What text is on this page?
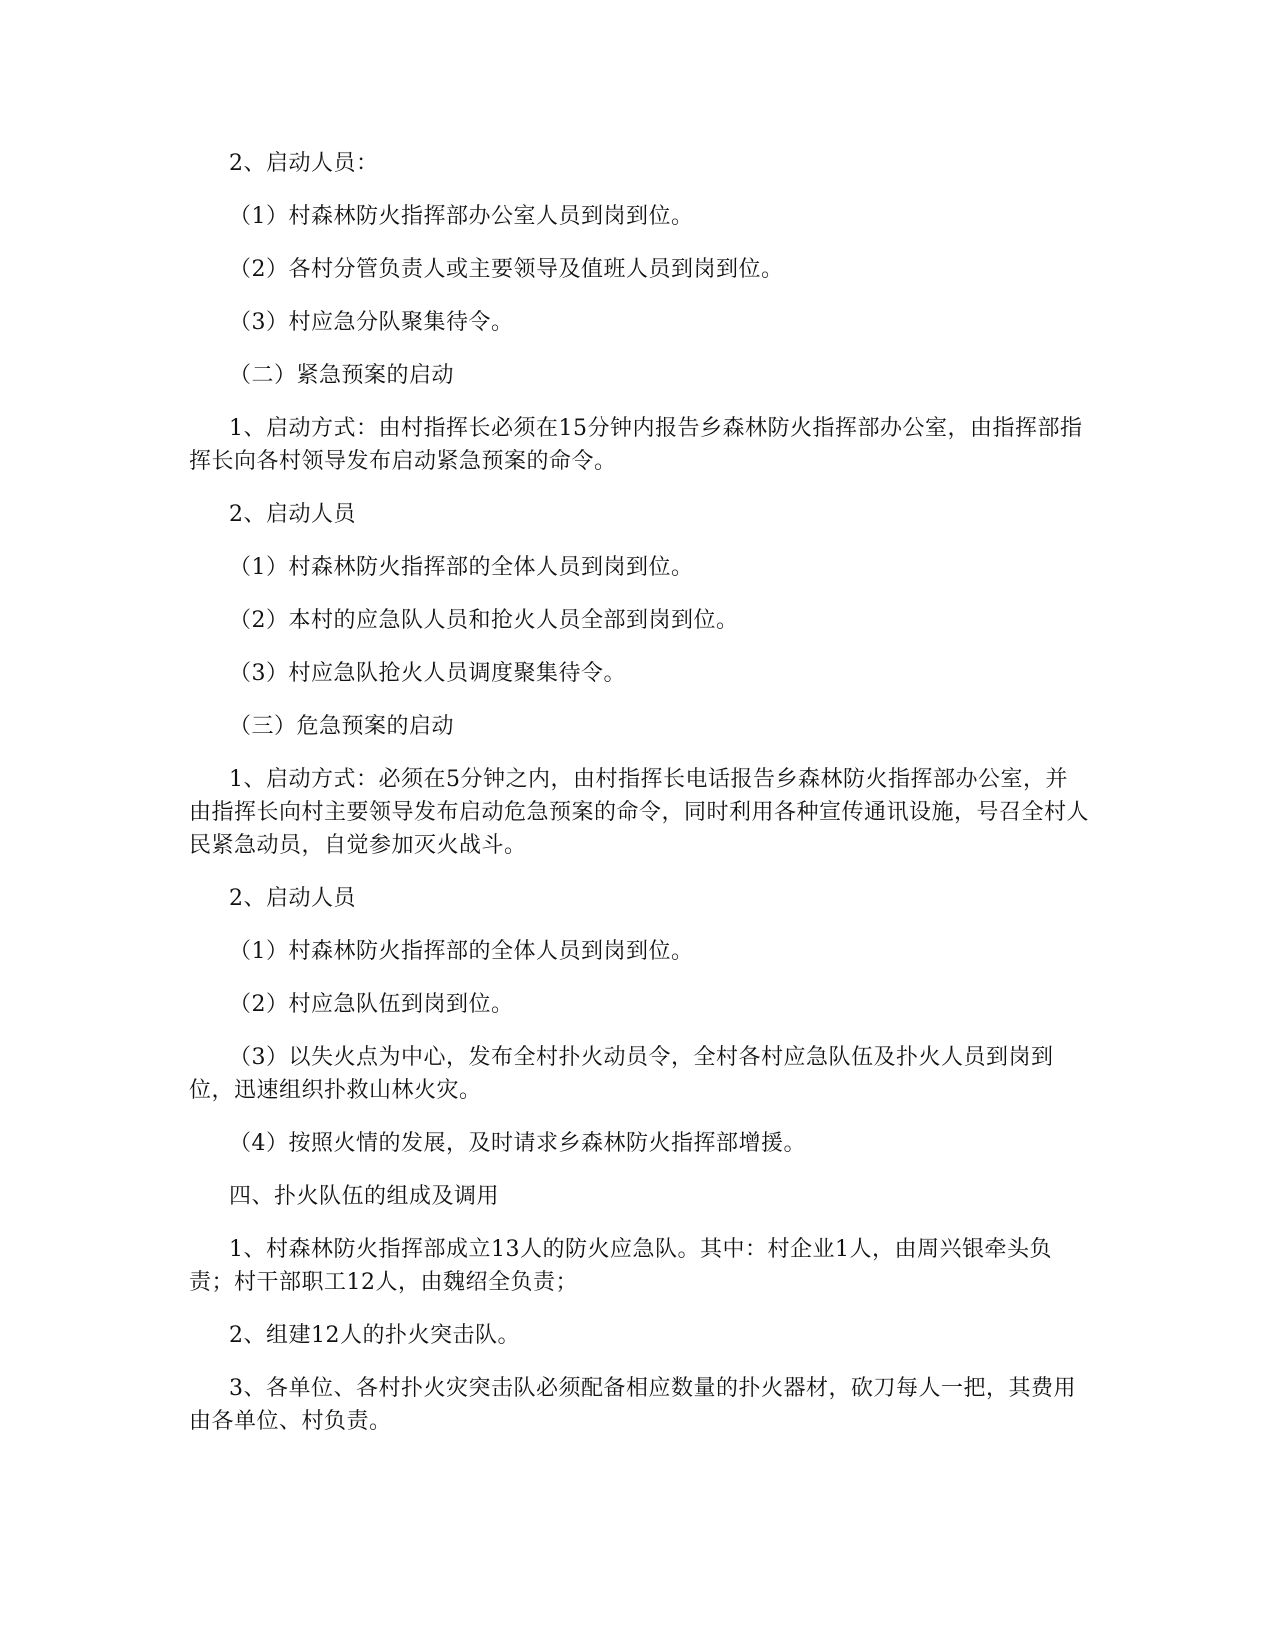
2、启动人员：

（1）村森林防火指挥部办公室人员到岗到位。

（2）各村分管负责人或主要领导及值班人员到岗到位。

（3）村应急分队聚集待令。

（二）紧急预案的启动

1、启动方式：由村指挥长必须在15分钟内报告乡森林防火指挥部办公室，由指挥部指挥长向各村领导发布启动紧急预案的命令。

2、启动人员

（1）村森林防火指挥部的全体人员到岗到位。

（2）本村的应急队人员和抢火人员全部到岗到位。

（3）村应急队抢火人员调度聚集待令。

（三）危急预案的启动

1、启动方式：必须在5分钟之内，由村指挥长电话报告乡森林防火指挥部办公室，并由指挥长向村主要领导发布启动危急预案的命令，同时利用各种宣传通讯设施，号召全村人民紧急动员，自觉参加灭火战斗。

2、启动人员

（1）村森林防火指挥部的全体人员到岗到位。

（2）村应急队伍到岗到位。

（3）以失火点为中心，发布全村扑火动员令，全村各村应急队伍及扑火人员到岗到位，迅速组织扑救山林火灾。

（4）按照火情的发展，及时请求乡森林防火指挥部增援。

四、扑火队伍的组成及调用

1、村森林防火指挥部成立13人的防火应急队。其中：村企业1人，由周兴银牵头负责；村干部职工12人，由魏绍全负责；

2、组建12人的扑火突击队。

3、各单位、各村扑火灾突击队必须配备相应数量的扑火器材，砍刀每人一把，其费用由各单位、村负责。
